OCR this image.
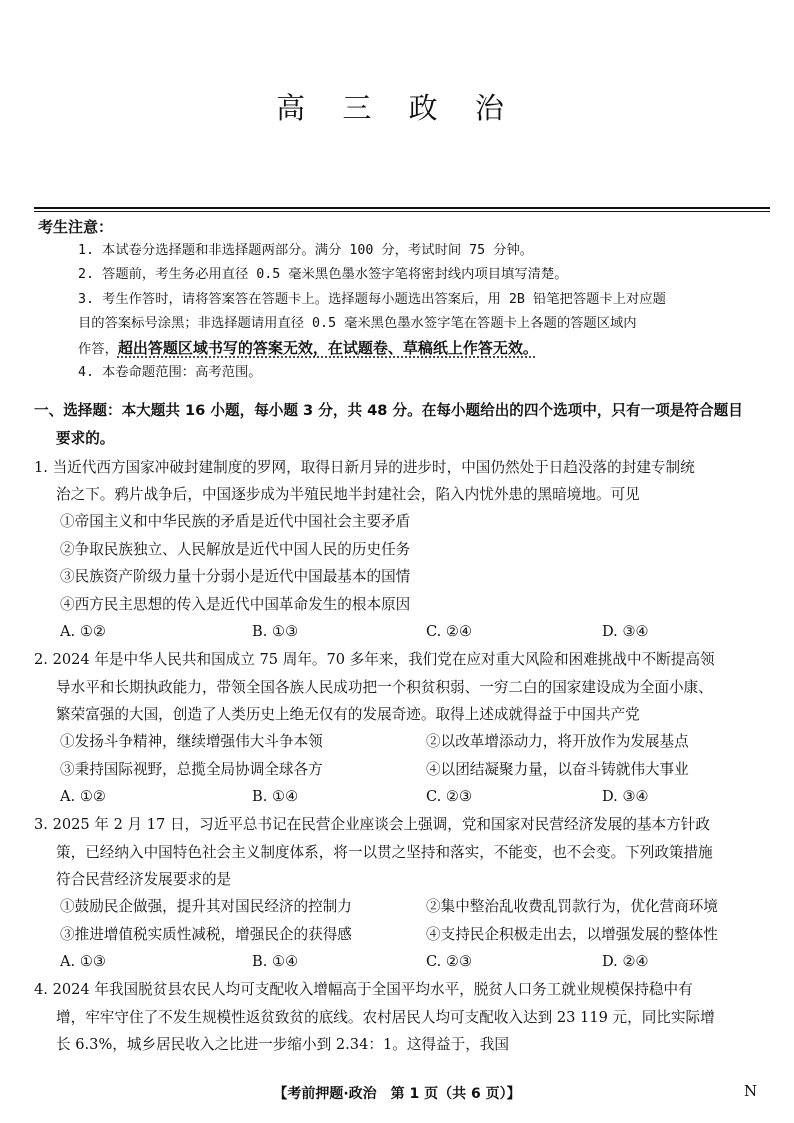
高 三 政 治
考生注意：
1. 本试卷分选择题和非选择题两部分。满分 100 分，考试时间 75 分钟。
2. 答题前，考生务必用直径 0.5 毫米黑色墨水签字笔将密封线内项目填写清楚。
3. 考生作答时，请将答案答在答题卡上。选择题每小题选出答案后，用 2B 铅笔把答题卡上对应题
目的答案标号涂黑；非选择题请用直径 0.5 毫米黑色墨水签字笔在答题卡上各题的答题区域内
作答，超出答题区域书写的答案无效，在试题卷、草稿纸上作答无效。
4. 本卷命题范围：高考范围。
一、选择题：本大题共 16 小题，每小题 3 分，共 48 分。在每小题给出的四个选项中，只有一项是符合题目
要求的。
1. 当近代西方国家冲破封建制度的罗网，取得日新月异的进步时，中国仍然处于日趋没落的封建专制统
治之下。鸦片战争后，中国逐步成为半殖民地半封建社会，陷入内忧外患的黑暗境地。可见
①帝国主义和中华民族的矛盾是近代中国社会主要矛盾
②争取民族独立、人民解放是近代中国人民的历史任务
③民族资产阶级力量十分弱小是近代中国最基本的国情
④西方民主思想的传入是近代中国革命发生的根本原因
A. ①②	B. ①③	C. ②④	D. ③④
2. 2024 年是中华人民共和国成立 75 周年。70 多年来，我们党在应对重大风险和困难挑战中不断提高领
导水平和长期执政能力，带领全国各族人民成功把一个积贫积弱、一穷二白的国家建设成为全面小康、
繁荣富强的大国，创造了人类历史上绝无仅有的发展奇迹。取得上述成就得益于中国共产党
①发扬斗争精神，继续增强伟大斗争本领	②以改革增添动力，将开放作为发展基点
③秉持国际视野，总揽全局协调全球各方	④以团结凝聚力量，以奋斗铸就伟大事业
A. ①②	B. ①④	C. ②③	D. ③④
3. 2025 年 2 月 17 日，习近平总书记在民营企业座谈会上强调，党和国家对民营经济发展的基本方针政
策，已经纳入中国特色社会主义制度体系，将一以贯之坚持和落实，不能变，也不会变。下列政策措施
符合民营经济发展要求的是
①鼓励民企做强，提升其对国民经济的控制力	②集中整治乱收费乱罚款行为，优化营商环境
③推进增值税实质性减税，增强民企的获得感	④支持民企积极走出去，以增强发展的整体性
A. ①③	B. ①④	C. ②③	D. ②④
4. 2024 年我国脱贫县农民人均可支配收入增幅高于全国平均水平，脱贫人口务工就业规模保持稳中有
增，牢牢守住了不发生规模性返贫致贫的底线。农村居民人均可支配收入达到 23 119 元，同比实际增
长 6.3%，城乡居民收入之比进一步缩小到 2.34：1。这得益于，我国
【考前押题·政治　第 1 页（共 6 页）】	N
